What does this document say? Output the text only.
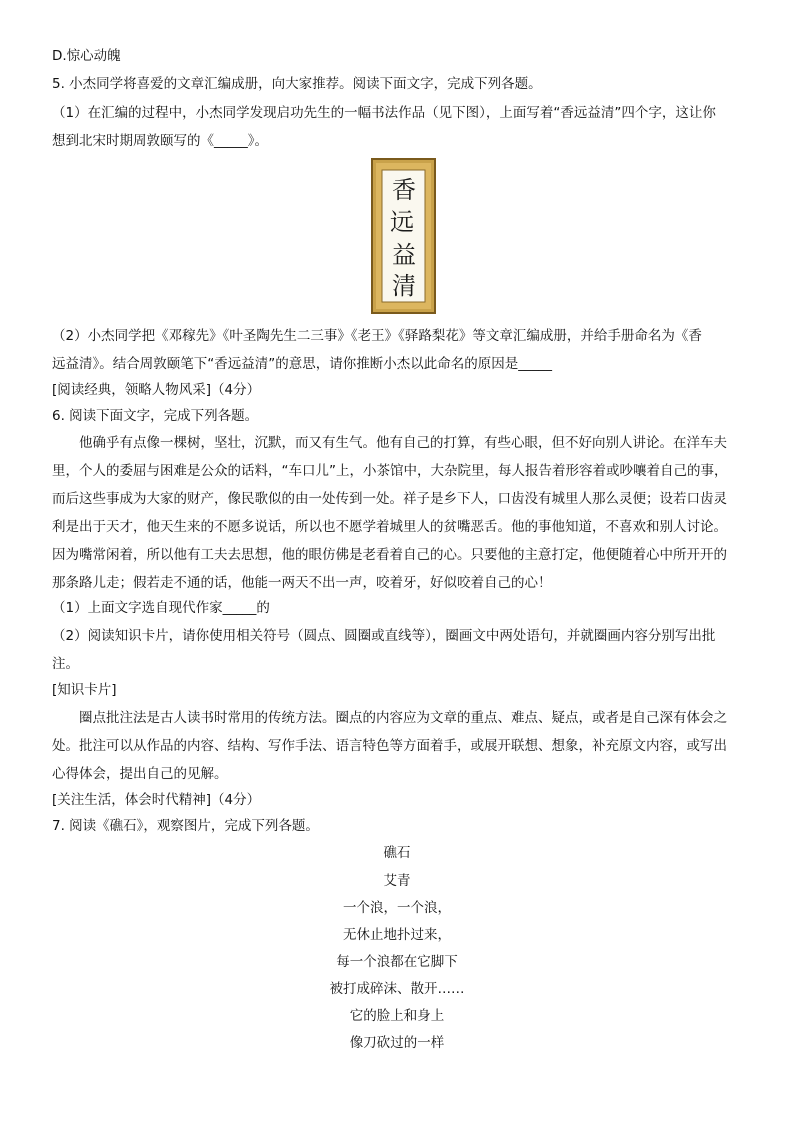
D.惊心动魄
5. 小杰同学将喜爱的文章汇编成册，向大家推荐。阅读下面文字，完成下列各题。
（1）在汇编的过程中，小杰同学发现启功先生的一幅书法作品（见下图），上面写着“香远益清”四个字，这让你
想到北宋时期周敦颐写的《_____》。
香
远
益
清
（2）小杰同学把《邓稼先》《叶圣陶先生二三事》《老王》《驿路梨花》等文章汇编成册，并给手册命名为《香
远益清》。结合周敦颐笔下“香远益清”的意思，请你推断小杰以此命名的原因是_____
[阅读经典，领略人物风采]（4分）
6. 阅读下面文字，完成下列各题。
他确乎有点像一棵树，坚壮，沉默，而又有生气。他有自己的打算，有些心眼，但不好向别人讲论。在洋车夫
里，个人的委屈与困难是公众的话料，“车口儿”上，小茶馆中，大杂院里，每人报告着形容着或吵嚷着自己的事，
而后这些事成为大家的财产，像民歌似的由一处传到一处。祥子是乡下人，口齿没有城里人那么灵便；设若口齿灵
利是出于天才，他天生来的不愿多说话，所以也不愿学着城里人的贫嘴恶舌。他的事他知道，不喜欢和别人讨论。
因为嘴常闲着，所以他有工夫去思想，他的眼仿佛是老看着自己的心。只要他的主意打定，他便随着心中所开开的
那条路儿走；假若走不通的话，他能一两天不出一声，咬着牙，好似咬着自己的心！
（1）上面文字选自现代作家_____的
（2）阅读知识卡片，请你使用相关符号（圆点、圆圈或直线等），圈画文中两处语句，并就圈画内容分别写出批
注。
[知识卡片]
圈点批注法是古人读书时常用的传统方法。圈点的内容应为文章的重点、难点、疑点，或者是自己深有体会之
处。批注可以从作品的内容、结构、写作手法、语言特色等方面着手，或展开联想、想象，补充原文内容，或写出
心得体会，提出自己的见解。
[关注生活，体会时代精神]（4分）
7. 阅读《礁石》，观察图片，完成下列各题。
礁石
艾青
一个浪，一个浪，
无休止地扑过来，
每一个浪都在它脚下
被打成碎沫、散开……
它的脸上和身上
像刀砍过的一样
